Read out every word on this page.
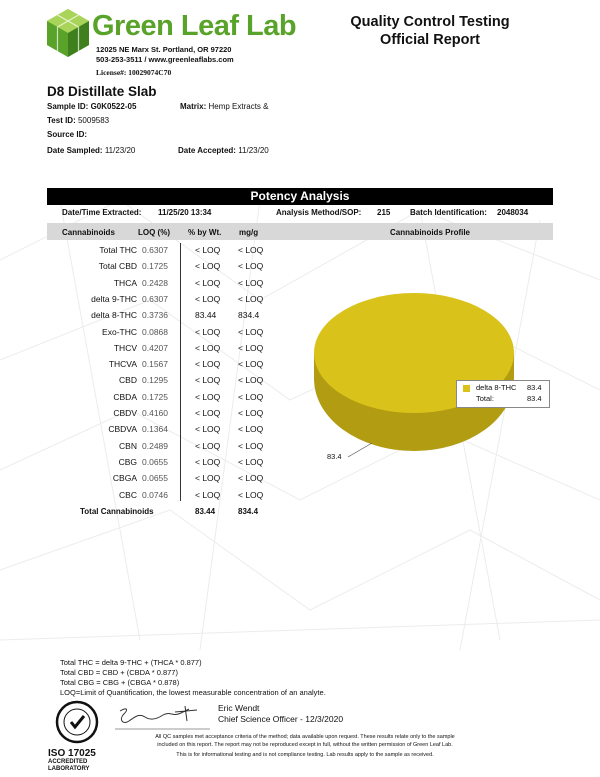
Green Leaf Lab
12025 NE Marx St. Portland, OR 97220
503-253-3511 / www.greenleaflabs.com
License#: 10029074C70
Quality Control Testing
Official Report
D8 Distillate Slab
Sample ID: G0K0522-05	Matrix: Hemp Extracts &
Test ID: 5009583
Source ID:
Date Sampled: 11/23/20	Date Accepted: 11/23/20
Potency Analysis
Date/Time Extracted: 11/25/20 13:34	Analysis Method/SOP: 215 Batch Identification: 2048034
Cannabinoids	LOQ (%) % by Wt. mg/g	Cannabinoids Profile
Total THC 0.6307	< LOQ < LOQ
Total CBD 0.1725	< LOQ < LOQ
THCA 0.2428	< LOQ < LOQ
delta 9-THC 0.6307	< LOQ < LOQ
delta 8-THC 0.3736	83.44	834.4
Exo-THC 0.0868	< LOQ < LOQ
THCV 0.4207	< LOQ < LOQ
THCVA 0.1567	< LOQ < LOQ
CBD 0.1295	< LOQ < LOQ
CBDA 0.1725	< LOQ < LOQ
CBDV 0.4160	< LOQ < LOQ
CBDVA 0.1364	< LOQ < LOQ
CBN 0.2489	< LOQ < LOQ
CBG 0.0655	< LOQ < LOQ
CBGA 0.0655	< LOQ < LOQ
CBC 0.0746	< LOQ < LOQ
Total Cannabinoids	83.44	834.4
83.4
delta 8-THC 83.4
Total:	83.4
Total THC = delta 9-THC + (THCA * 0.877)
Total CBD = CBD + (CBDA * 0.877)
Total CBG = CBG + (CBGA * 0.878)
LOQ=Limit of Quantification, the lowest measurable concentration of an analyte.
Eric Wendt
Chief Science Officer - 12/3/2020
All QC samples met acceptance criteria of the method; data available upon request. These results relate only to the sample
included on this report. The report may not be reproduced except in full, without the written permission of Green Leaf Lab.
This is for informational testing and is not compliance testing. Lab results apply to the sample as received.
ISO 17025
ACCREDITED
LABORATORY
